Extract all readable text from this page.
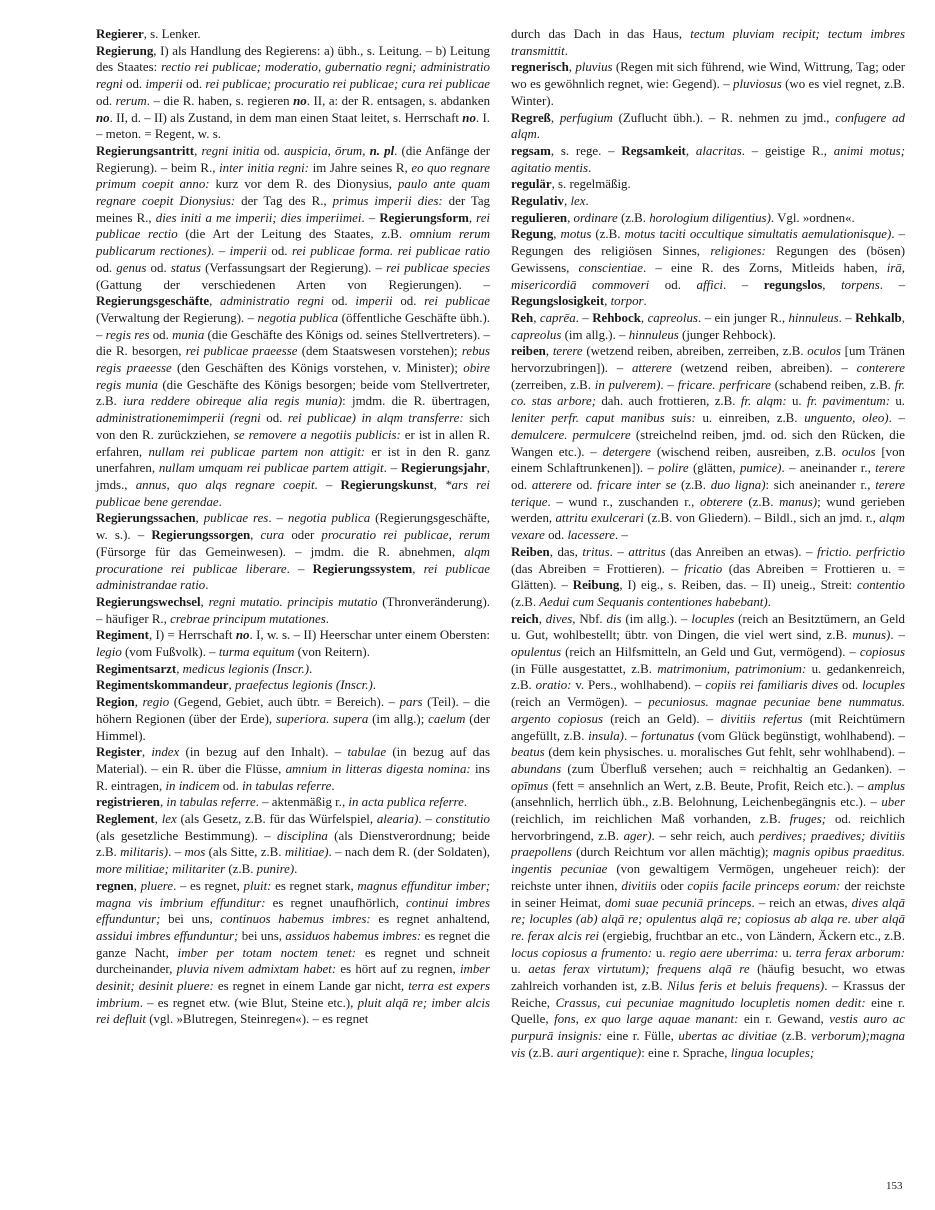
Regierer, s. Lenker.

Regierung, I) als Handlung des Regierens: a) übh., s. Leitung. – b) Leitung des Staates: rectio rei publicae; moderatio, gubernatio regni; administratio regni od. imperii od. rei publicae; procuratio rei publicae; cura rei publicae od. rerum. – die R. haben, s. regieren no. II, a: der R. entsagen, s. abdanken no. II, d. – II) als Zustand, in dem man einen Staat leitet, s. Herrschaft no. I. – meton. = Regent, w. s.

Regierungsantritt, regni initia od. auspicia, ōrum, n. pl. (die Anfänge der Regierung). – beim R., inter initia regni: im Jahre seines R, eo quo regnare primum coepit anno: kurz vor dem R. des Dionysius, paulo ante quam regnare coepit Dionysius: der Tag des R., primus imperii dies: der Tag meines R., dies initi a me imperii; dies imperiimei. – Regierungsform, rei publicae rectio (die Art der Leitung des Staates, z.B. omnium rerum publicarum rectiones). – imperii od. rei publicae forma. rei publicae ratio od. genus od. status (Verfassungsart der Regierung). – rei publicae species (Gattung der verschiedenen Arten von Regierungen). – Regierungsgeschäfte, administratio regni od. imperii od. rei publicae (Verwaltung der Regierung). – negotia publica (öffentliche Geschäfte übh.). – regis res od. munia (die Geschäfte des Königs od. seines Stellvertreters). – die R. besorgen, rei publicae praeesse (dem Staatswesen vorstehen); rebus regis praeesse (den Geschäften des Königs vorstehen, v. Minister); obire regis munia (die Geschäfte des Königs besorgen; beide vom Stellvertreter, z.B. iura reddere obireque alia regis munia): jmdm. die R. übertragen, administrationemimperii (regni od. rei publicae) in alqm transferre: sich von den R. zurückziehen, se removere a negotiis publicis: er ist in allen R. erfahren, nullam rei publicae partem non attigit: er ist in den R. ganz unerfahren, nullam umquam rei publicae partem attigit. – Regierungsjahr, jmds., annus, quo alqs regnare coepit. – Regierungskunst, *ars rei publicae bene gerendae.

Regierungssachen, publicae res. – negotia publica (Regierungsgeschäfte, w. s.). – Regierungssorgen, cura oder procuratio rei publicae, rerum (Fürsorge für das Gemeinwesen). – jmdm. die R. abnehmen, alqm procuratione rei publicae liberare. – Regierungssystem, rei publicae administrandae ratio.

Regierungswechsel, regni mutatio. principis mutatio (Thronveränderung). – häufiger R., crebrae principum mutationes.

Regiment, I) = Herrschaft no. I, w. s. – II) Heerschar unter einem Obersten: legio (vom Fußvolk). – turma equitum (von Reitern).

Regimentsarzt, medicus legionis (Inscr.).

Regimentskommandeur, praefectus legionis (Inscr.).

Region, regio (Gegend, Gebiet, auch übtr. = Bereich). – pars (Teil). – die höhern Regionen (über der Erde), superiora. supera (im allg.); caelum (der Himmel).

Register, index (in bezug auf den Inhalt). – tabulae (in bezug auf das Material). – ein R. über die Flüsse, amnium in litteras digesta nomina: ins R. eintragen, in indicem od. in tabulas referre.

registrieren, in tabulas referre. – aktenmäßig r., in acta publica referre.

Reglement, lex (als Gesetz, z.B. für das Würfelspiel, alearia). – constitutio (als gesetzliche Bestimmung). – disciplina (als Dienstverordnung; beide z.B. militaris). – mos (als Sitte, z.B. militiae). – nach dem R. (der Soldaten), more militiae; militariter (z.B. punire).

regnen, pluere. – es regnet, pluit: es regnet stark, magnus effunditur imber; magna vis imbrium effunditur: es regnet unaufhörlich, continui imbres effunduntur; bei uns, continuos habemus imbres: es regnet anhaltend, assidui imbres effunduntur; bei uns, assiduos habemus imbres: es regnet die ganze Nacht, imber per totam noctem tenet: es regnet und schneit durcheinander, pluvia nivem admixtam habet: es hört auf zu regnen, imber desinit; desinit pluere: es regnet in einem Lande gar nicht, terra est expers imbrium. – es regnet etw. (wie Blut, Steine etc.), pluit alqā re; imber alcis rei defluit (vgl. »Blutregen, Steinregen«). – es regnet

durch das Dach in das Haus, tectum pluviam recipit; tectum imbres transmittit.

regnerisch, pluvius (Regen mit sich führend, wie Wind, Wittrung, Tag; oder wo es gewöhnlich regnet, wie: Gegend). – pluviosus (wo es viel regnet, z.B. Winter).

Regreß, perfugium (Zuflucht übh.). – R. nehmen zu jmd., confugere ad alqm.

regsam, s. rege. – Regsamkeit, alacritas. – geistige R., animi motus; agitatio mentis.

regulär, s. regelmäßig.

Regulativ, lex.

regulieren, ordinare (z.B. horologium diligentius). Vgl. »ordnen«.

Regung, motus (z.B. motus taciti occultique simultatis aemulationisque). – Regungen des religiösen Sinnes, religiones: Regungen des (bösen) Gewissens, conscientiae. – eine R. des Zorns, Mitleids haben, irā, misericordiā commoveri od. affici. – regungslos, torpens. – Regungslosigkeit, torpor.

Reh, caprēa. – Rehbock, capreolus. – ein junger R., hinnuleus. – Rehkalb, capreolus (im allg.). – hinnuleus (junger Rehbock).

reiben, terere (wetzend reiben, abreiben, zerreiben, z.B. oculos [um Tränen hervorzubringen]). – atterere (wetzend reiben, abreiben). – conterere (zerreiben, z.B. in pulverem). – fricare. perfricare (schabend reiben, z.B. fr. co. stas arbore; dah. auch frottieren, z.B. fr. alqm: u. fr. pavimentum: u. leniter perfr. caput manibus suis: u. einreiben, z.B. unguento, oleo). – demulcere. permulcere (streichelnd reiben, jmd. od. sich den Rücken, die Wangen etc.). – detergere (wischend reiben, ausreiben, z.B. oculos [von einem Schlaftrunkenen]). – polire (glätten, pumice). – aneinander r., terere od. atterere od. fricare inter se (z.B. duo ligna): sich aneinander r., terere terique. – wund r., zuschanden r., obterere (z.B. manus); wund gerieben werden, attritu exulcerari (z.B. von Gliedern). – Bildl., sich an jmd. r., alqm vexare od. lacessere. –

Reiben, das, tritus. – attritus (das Anreiben an etwas). – frictio. perfrictio (das Abreiben = Frottieren). – fricatio (das Abreiben = Frottieren u. = Glätten). – Reibung, I) eig., s. Reiben, das. – II) uneig., Streit: contentio (z.B. Aedui cum Sequanis contentiones habebant).

reich, dives, Nbf. dis (im allg.). – locuples (reich an Besitztümern, an Geld u. Gut, wohlbestellt; übtr. von Dingen, die viel wert sind, z.B. munus). – opulentus (reich an Hilfsmitteln, an Geld und Gut, vermögend). – copiosus (in Fülle ausgestattet, z.B. matrimonium, patrimonium: u. gedankenreich, z.B. oratio: v. Pers., wohlhabend). – copiis rei familiaris dives od. locuples (reich an Vermögen). – pecuniosus. magnae pecuniae bene nummatus. argento copiosus (reich an Geld). – divitiis refertus (mit Reichtümern angefüllt, z.B. insula). – fortunatus (vom Glück begünstigt, wohlhabend). – beatus (dem kein physisches. u. moralisches Gut fehlt, sehr wohlhabend). – abundans (zum Überfluß versehen; auch = reichhaltig an Gedanken). – opīmus (fett = ansehnlich an Wert, z.B. Beute, Profit, Reich etc.). – amplus (ansehnlich, herrlich übh., z.B. Belohnung, Leichenbegängnis etc.). – uber (reichlich, im reichlichen Maß vorhanden, z.B. fruges; od. reichlich hervorbringend, z.B. ager). – sehr reich, auch perdives; praedives; divitiis praepollens (durch Reichtum vor allen mächtig); magnis opibus praeditus. ingentis pecuniae (von gewaltigem Vermögen, ungeheuer reich): der reichste unter ihnen, divitiis oder copiis facile princeps eorum: der reichste in seiner Heimat, domi suae pecuniā princeps. – reich an etwas, dives alqā re; locuples (ab) alqā re; opulentus alqā re; copiosus ab alqa re. uber alqā re. ferax alcis rei (ergiebig, fruchtbar an etc., von Ländern, Äckern etc., z.B. locus copiosus a frumento: u. regio aere uberrima: u. terra ferax arborum: u. aetas ferax virtutum); frequens alqā re (häufig besucht, wo etwas zahlreich vorhanden ist, z.B. Nilus feris et beluis frequens). – Krassus der Reiche, Crassus, cui pecuniae magnitudo locupletis nomen dedit: eine r. Quelle, fons, ex quo large aquae manant: ein r. Gewand, vestis auro ac purpurā insignis: eine r. Fülle, ubertas ac divitiae (z.B. verborum);magna vis (z.B. auri argentique): eine r. Sprache, lingua locuples;

153
